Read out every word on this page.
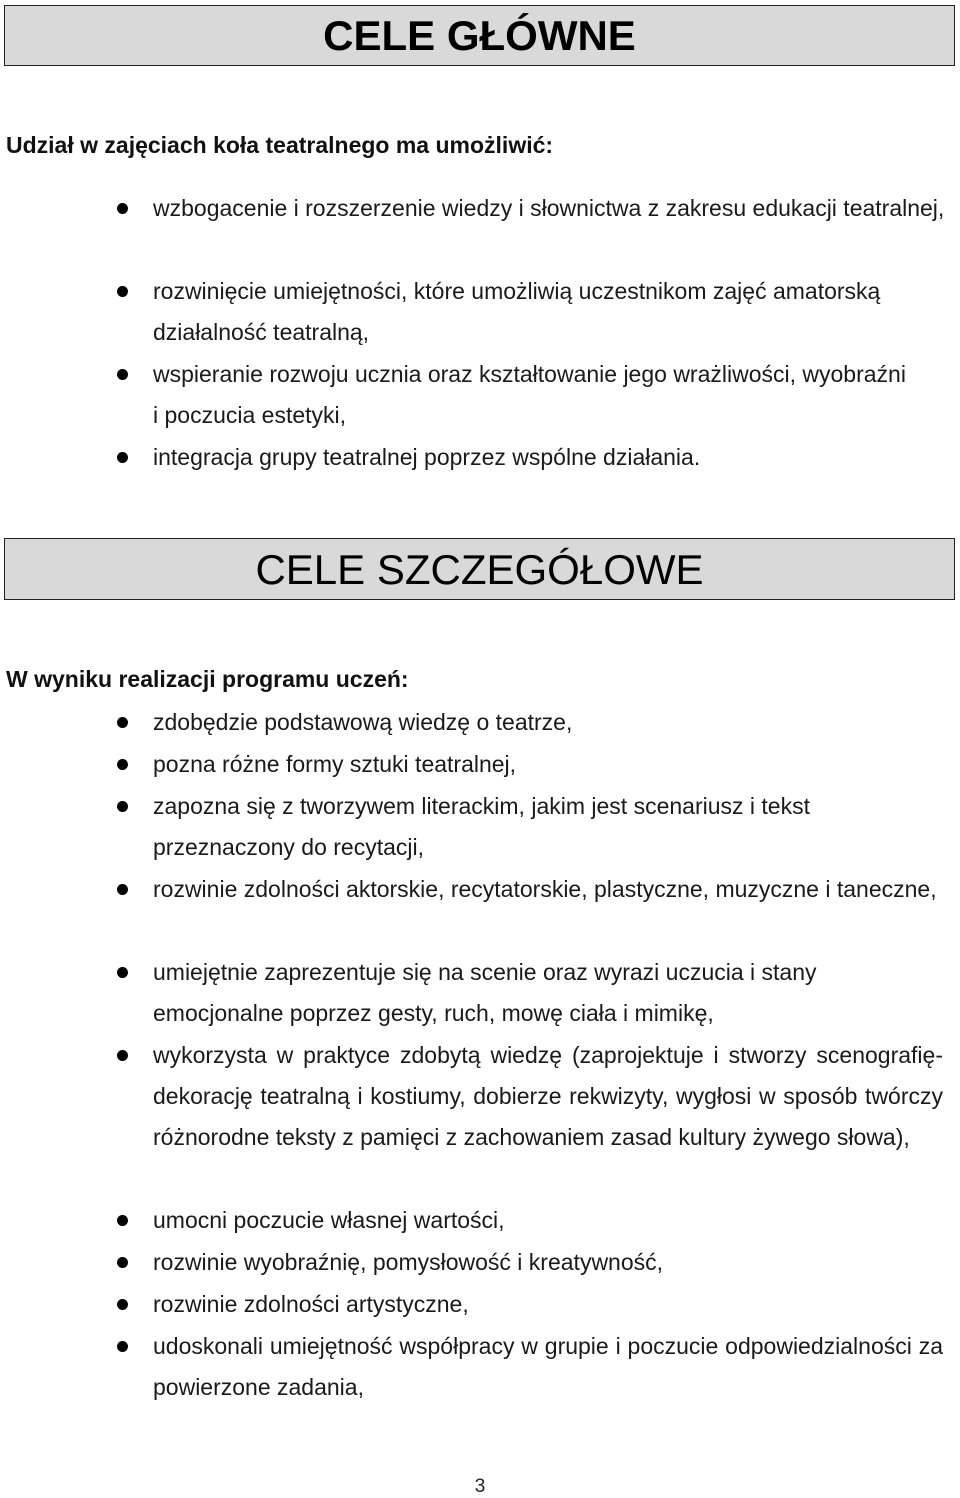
CELE GŁÓWNE
Udział w zajęciach koła teatralnego ma umożliwić:
wzbogacenie i rozszerzenie wiedzy i słownictwa z zakresu edukacji teatralnej,
rozwinięcie umiejętności, które umożliwią uczestnikom zajęć amatorską działalność teatralną,
wspieranie rozwoju ucznia oraz kształtowanie jego wrażliwości, wyobraźni i poczucia estetyki,
integracja grupy teatralnej poprzez wspólne działania.
CELE SZCZEGÓŁOWE
W wyniku realizacji programu uczeń:
zdobędzie podstawową wiedzę o teatrze,
pozna różne formy sztuki teatralnej,
zapozna się z tworzywem literackim, jakim jest scenariusz i tekst przeznaczony do recytacji,
rozwinie zdolności aktorskie, recytatorskie, plastyczne, muzyczne i taneczne,
umiejętnie zaprezentuje się na scenie oraz wyrazi uczucia i stany emocjonalne poprzez gesty, ruch, mowę ciała i mimikę,
wykorzysta w praktyce zdobytą wiedzę (zaprojektuje i stworzy scenografię- dekorację teatralną i kostiumy, dobierze rekwizyty, wygłosi w sposób twórczy różnorodne teksty z pamięci z zachowaniem zasad kultury żywego słowa),
umocni poczucie własnej wartości,
rozwinie wyobraźnię, pomysłowość i kreatywność,
rozwinie zdolności artystyczne,
udoskonali umiejętność współpracy w grupie i poczucie odpowiedzialności za powierzone zadania,
3
